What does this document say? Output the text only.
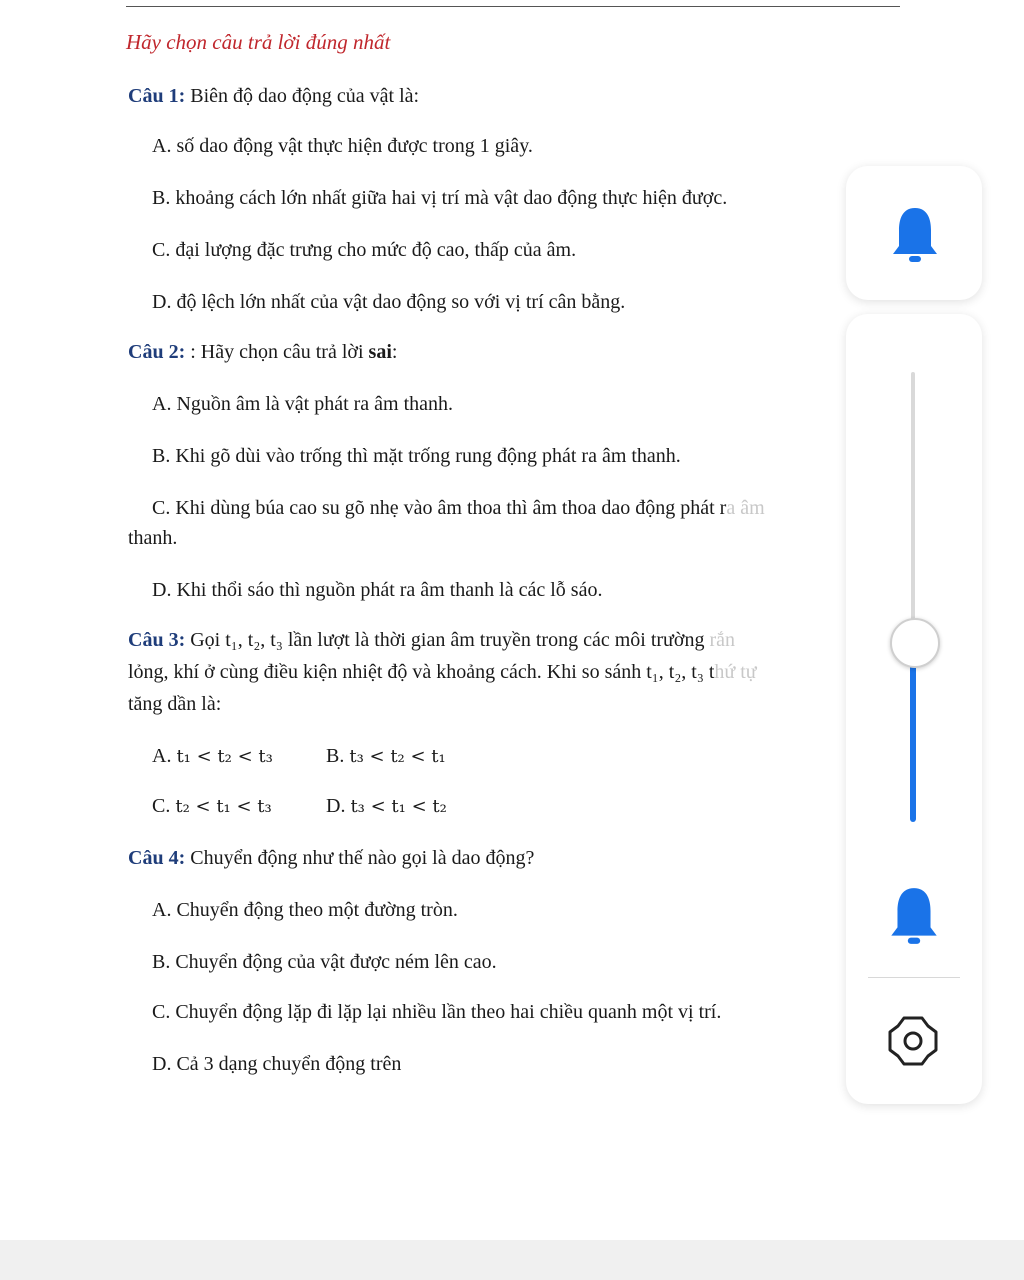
Hãy chọn câu trả lời đúng nhất
Câu 1: Biên độ dao động của vật là:
A. số dao động vật thực hiện được trong 1 giây.
B. khoảng cách lớn nhất giữa hai vị trí mà vật dao động thực hiện được.
C. đại lượng đặc trưng cho mức độ cao, thấp của âm.
D. độ lệch lớn nhất của vật dao động so với vị trí cân bằng.
Câu 2: : Hãy chọn câu trả lời sai:
A. Nguồn âm là vật phát ra âm thanh.
B. Khi gõ dùi vào trống thì mặt trống rung động phát ra âm thanh.
C. Khi dùng búa cao su gõ nhẹ vào âm thoa thì âm thoa dao động phát ra âm
thanh.
D. Khi thổi sáo thì nguồn phát ra âm thanh là các lỗ sáo.
Câu 3: Gọi t₁, t₂, t₃ lần lượt là thời gian âm truyền trong các môi trường rắn
lỏng, khí ở cùng điều kiện nhiệt độ và khoảng cách. Khi so sánh t₁, t₂, t₃ thứ tự
tăng dần là:
A. t₁ < t₂ < t₃	B. t₃ < t₂ < t₁
C. t₂ < t₁ < t₃	D. t₃ < t₁ < t₂
Câu 4: Chuyển động như thế nào gọi là dao động?
A. Chuyển động theo một đường tròn.
B. Chuyển động của vật được ném lên cao.
C. Chuyển động lặp đi lặp lại nhiều lần theo hai chiều quanh một vị trí.
D. Cả 3 dạng chuyển động trên
